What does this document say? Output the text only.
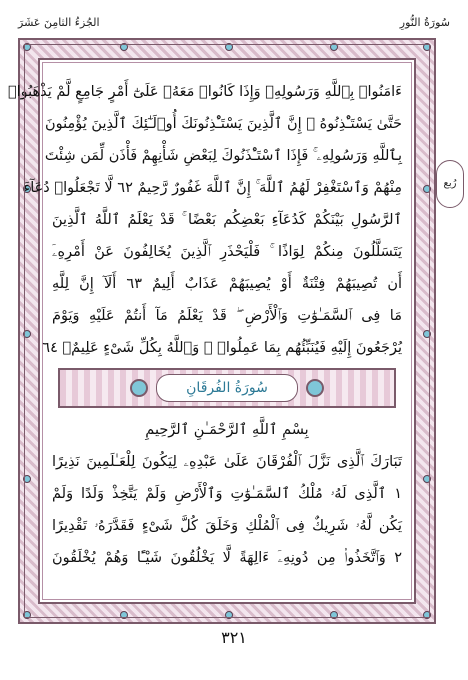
الجُزءُ الثامِنَ عَشَرَ	سُورَةُ النُّورِ
ءَامَنُوا۟ بِٱللَّهِ وَرَسُولِهِۦ وَإِذَا كَانُوا۟ مَعَهُۥ عَلَىٰٓ أَمْرٍ جَامِعٍ لَّمْ يَذْهَبُوا۟
حَتَّىٰ يَسْتَـْٔذِنُوهُ ۚ إِنَّ ٱلَّذِينَ يَسْتَـْٔذِنُونَكَ أُو۟لَـٰٓئِكَ ٱلَّذِينَ يُؤْمِنُونَ
بِٱللَّهِ وَرَسُولِهِۦ ۚ فَإِذَا ٱسْتَـْٔذَنُوكَ لِبَعْضِ شَأْنِهِمْ فَأْذَن لِّمَن شِئْتَ
مِنْهُمْ وَٱسْتَغْفِرْ لَهُمُ ٱللَّهَ ۚ إِنَّ ٱللَّهَ غَفُورٌ رَّحِيمٌ ٦٢ لَّا تَجْعَلُوا۟ دُعَآءَ
ٱلرَّسُولِ بَيْنَكُمْ كَدُعَآءِ بَعْضِكُم بَعْضًا ۚ قَدْ يَعْلَمُ ٱللَّهُ ٱلَّذِينَ
يَتَسَلَّلُونَ مِنكُمْ لِوَاذًا ۚ فَلْيَحْذَرِ ٱلَّذِينَ يُخَالِفُونَ عَنْ أَمْرِهِۦٓ
أَن تُصِيبَهُمْ فِتْنَةٌ أَوْ يُصِيبَهُمْ عَذَابٌ أَلِيمٌ ٦٣ أَلَآ إِنَّ لِلَّهِ
مَا فِى ٱلسَّمَـٰوَٰتِ وَٱلْأَرْضِ ۖ قَدْ يَعْلَمُ مَآ أَنتُمْ عَلَيْهِ وَيَوْمَ
يُرْجَعُونَ إِلَيْهِ فَيُنَبِّئُهُم بِمَا عَمِلُوا۟ ۗ وَٱللَّهُ بِكُلِّ شَىْءٍ عَلِيمٌۢ ٦٤
سُورَةُ الفُرقَانِ
بِسْمِ ٱللَّهِ ٱلرَّحْمَـٰنِ ٱلرَّحِيمِ
تَبَارَكَ ٱلَّذِى نَزَّلَ ٱلْفُرْقَانَ عَلَىٰ عَبْدِهِۦ لِيَكُونَ لِلْعَـٰلَمِينَ نَذِيرًا
١ ٱلَّذِى لَهُۥ مُلْكُ ٱلسَّمَـٰوَٰتِ وَٱلْأَرْضِ وَلَمْ يَتَّخِذْ وَلَدًا وَلَمْ
يَكُن لَّهُۥ شَرِيكٌ فِى ٱلْمُلْكِ وَخَلَقَ كُلَّ شَىْءٍ فَقَدَّرَهُۥ تَقْدِيرًا
٢ وَٱتَّخَذُوا۟ مِن دُونِهِۦٓ ءَالِهَةً لَّا يَخْلُقُونَ شَيْـًٔا وَهُمْ يُخْلَقُونَ
رُبع
٣٢١
